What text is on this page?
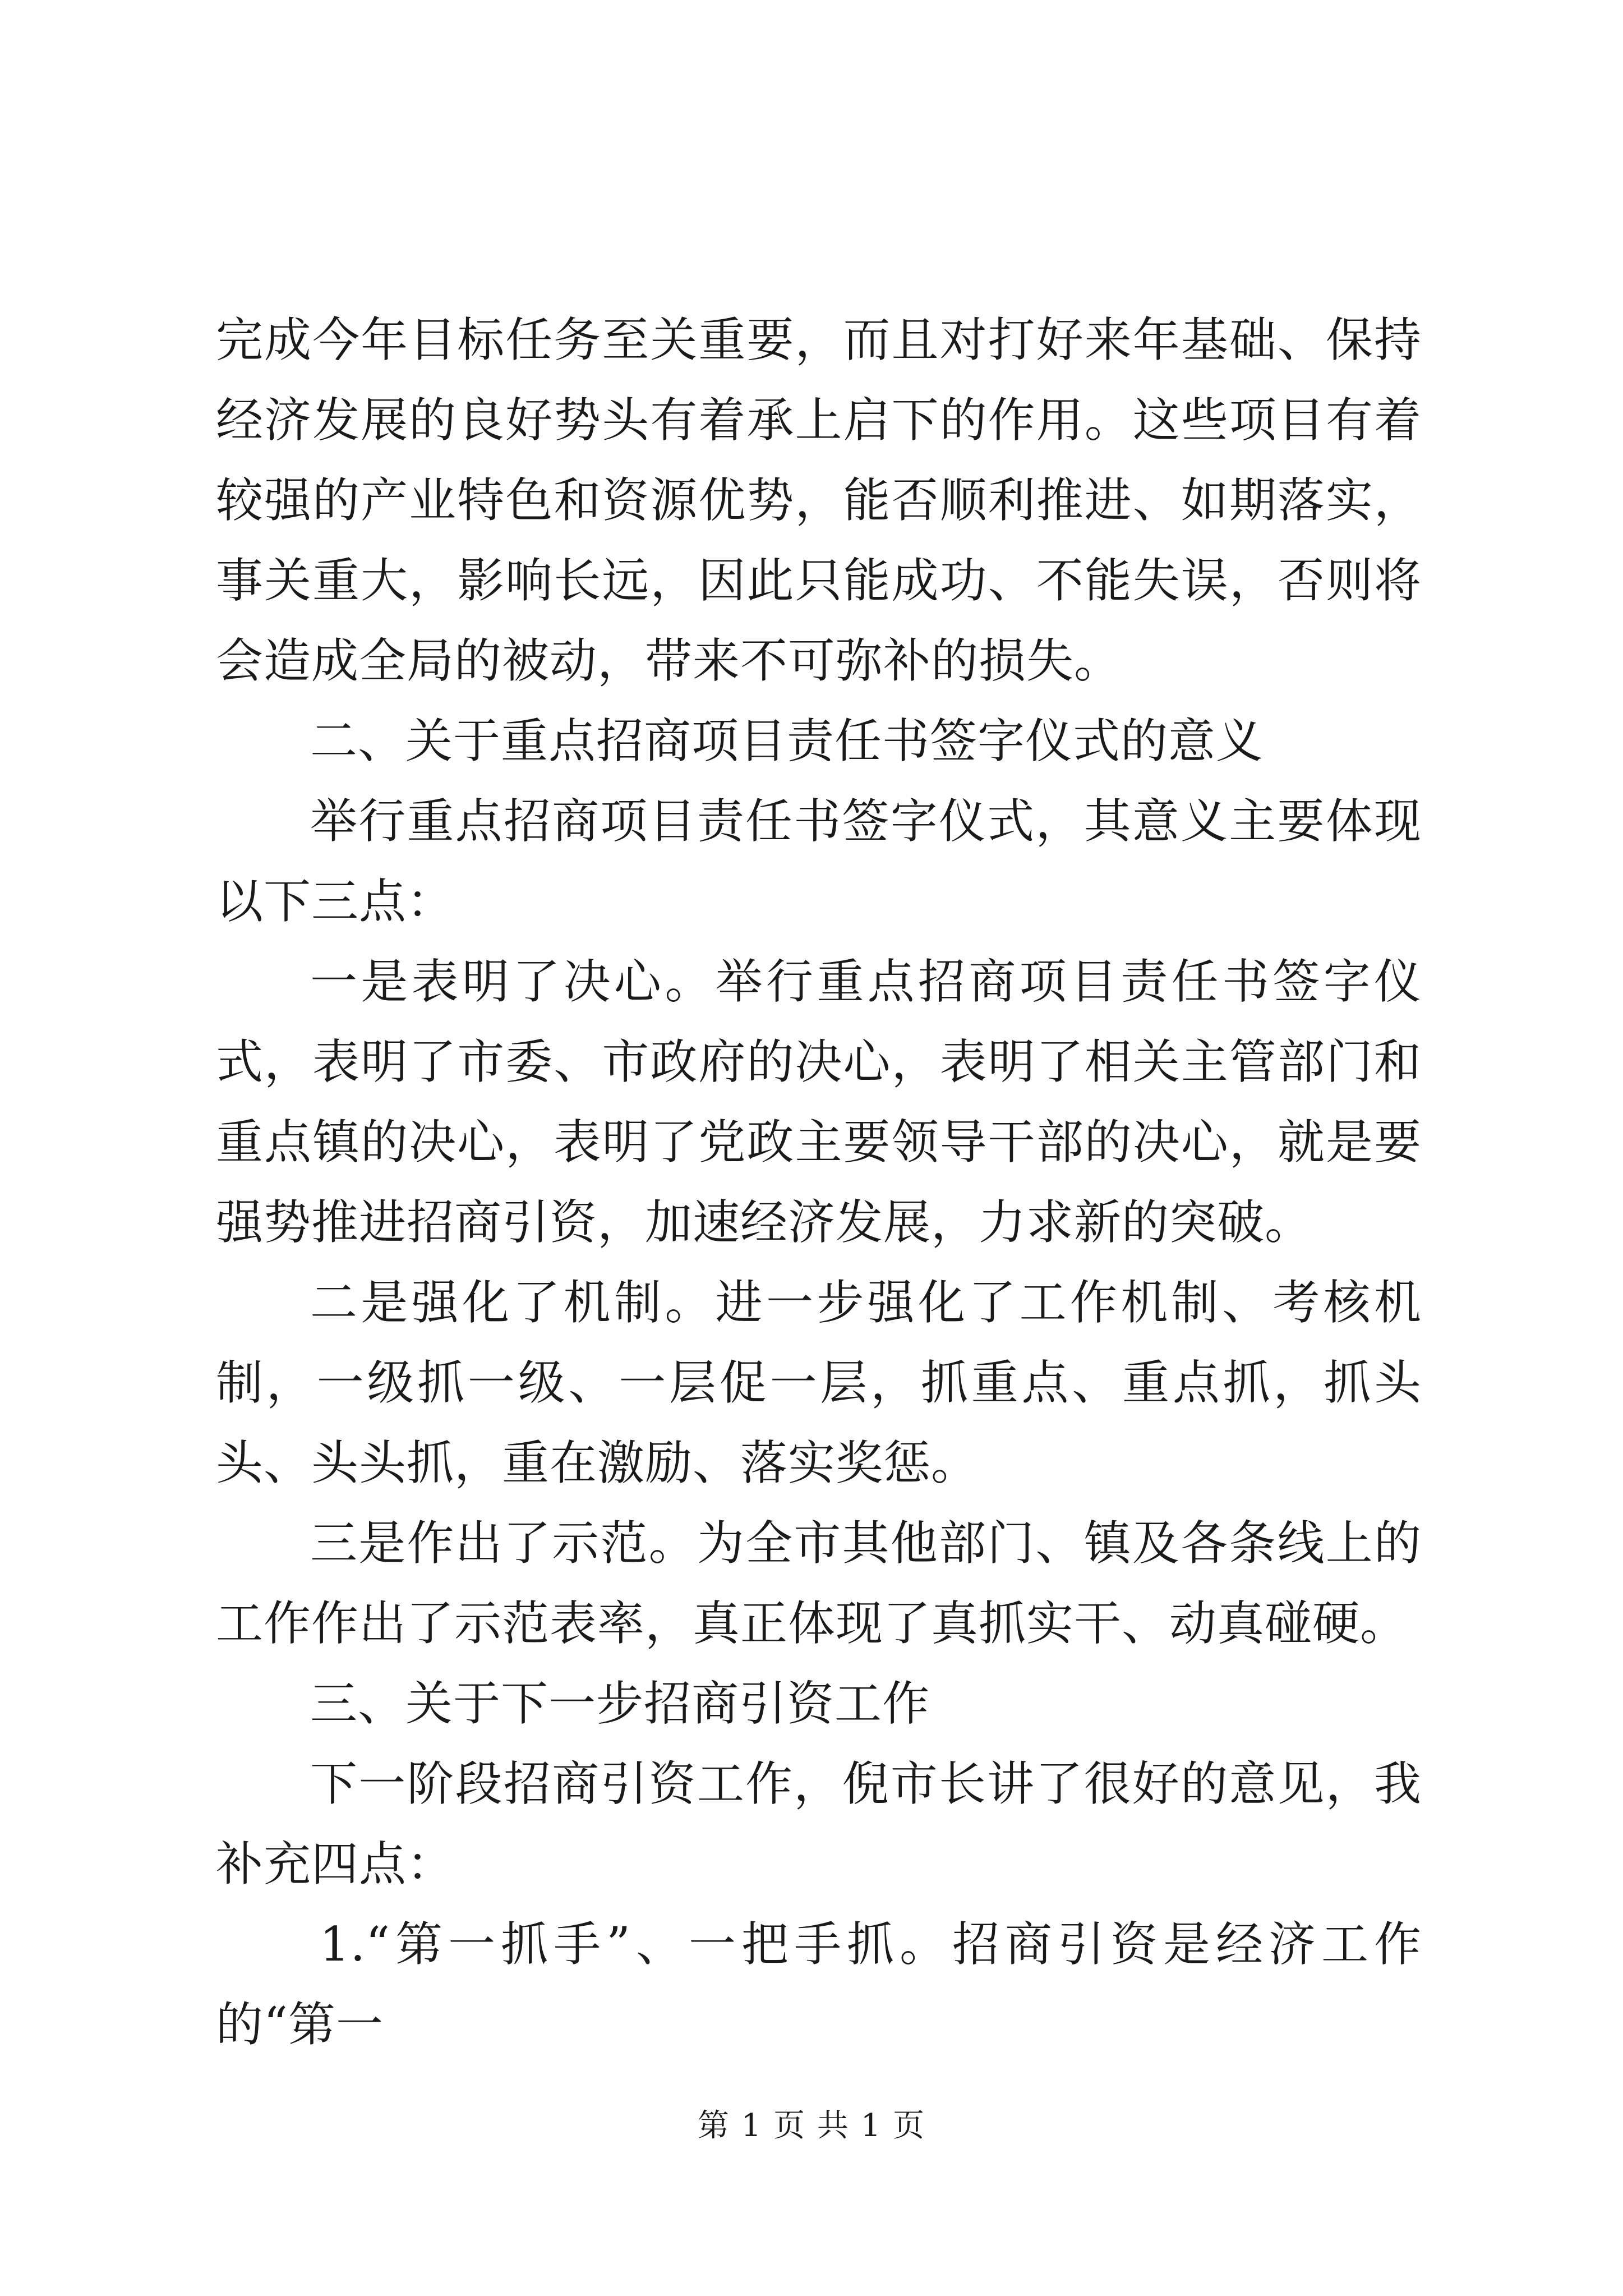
完成今年目标任务至关重要，而且对打好来年基础、保持经济发展的良好势头有着承上启下的作用。这些项目有着较强的产业特色和资源优势，能否顺利推进、如期落实，事关重大，影响长远，因此只能成功、不能失误，否则将会造成全局的被动，带来不可弥补的损失。

二、关于重点招商项目责任书签字仪式的意义

举行重点招商项目责任书签字仪式，其意义主要体现以下三点：

一是表明了决心。举行重点招商项目责任书签字仪式，表明了市委、市政府的决心，表明了相关主管部门和重点镇的决心，表明了党政主要领导干部的决心，就是要强势推进招商引资，加速经济发展，力求新的突破。

二是强化了机制。进一步强化了工作机制、考核机制，一级抓一级、一层促一层，抓重点、重点抓，抓头头、头头抓，重在激励、落实奖惩。

三是作出了示范。为全市其他部门、镇及各条线上的工作作出了示范表率，真正体现了真抓实干、动真碰硬。

三、关于下一步招商引资工作

下一阶段招商引资工作，倪市长讲了很好的意见，我补充四点：

1.“第一抓手”、一把手抓。招商引资是经济工作的“第一

第 1 页 共 1 页
